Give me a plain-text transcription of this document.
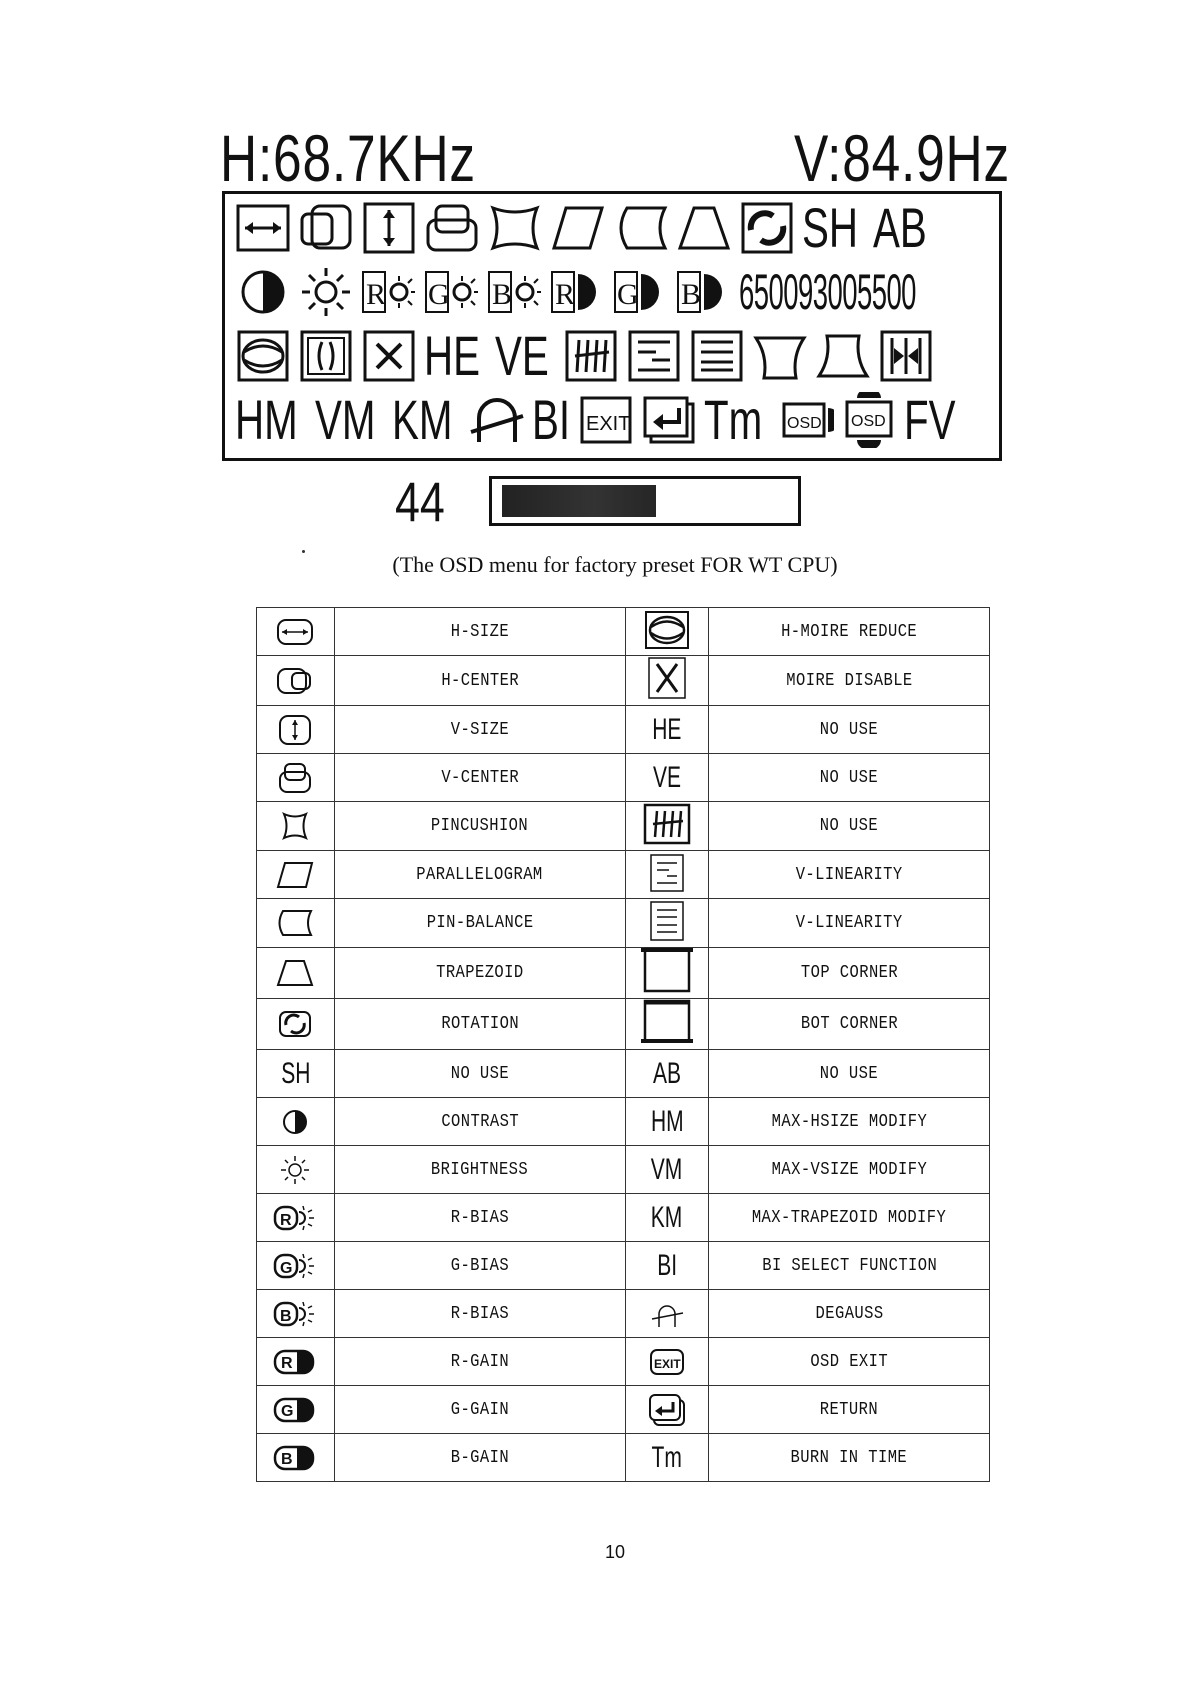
H:68.7KHz	V:84.9Hz
SH AB
R G B R G B 650093005500
HE VE
HM VM KM BI EXIT Tm OSD OSD FV
44
(The OSD menu for factory preset FOR WT CPU)
	H-SIZE		H-MOIRE REDUCE

	H-CENTER		MOIRE DISABLE

	V-SIZE	HE	NO USE

	V-CENTER	VE	NO USE

	PINCUSHION		NO USE

	PARALLELOGRAM		V-LINEARITY

	PIN-BALANCE		V-LINEARITY

	TRAPEZOID		TOP CORNER

	ROTATION		BOT CORNER
SH	NO USE	AB	NO USE

	CONTRAST	HM	MAX-HSIZE MODIFY

	BRIGHTNESS	VM	MAX-VSIZE MODIFY

R	R-BIAS	KM	MAX-TRAPEZOID MODIFY

G	G-BIAS	BI	BI SELECT FUNCTION

B	R-BIAS		DEGAUSS

R	R-GAIN	EXIT	OSD EXIT

G	G-GAIN		RETURN

B	B-GAIN	Tm	BURN IN TIME
10
